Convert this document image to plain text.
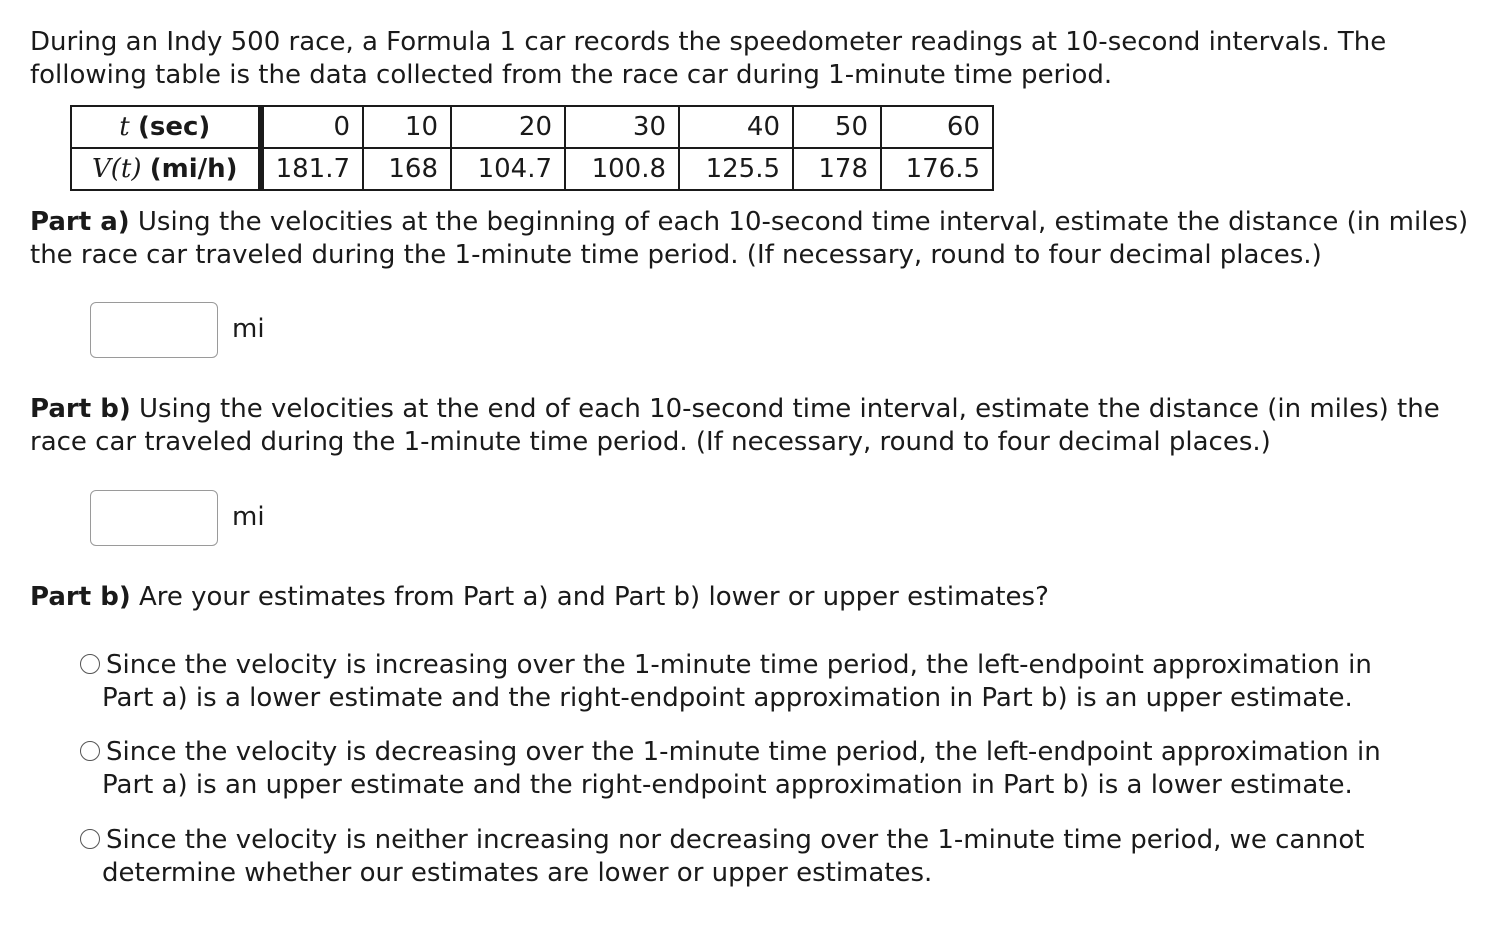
During an Indy 500 race, a Formula 1 car records the speedometer readings at 10-second intervals. The following table is the data collected from the race car during 1-minute time period.

t (sec)	0	10	20	30	40	50	60
V(t) (mi/h)	181.7	168	104.7	100.8	125.5	178	176.5

Part a) Using the velocities at the beginning of each 10-second time interval, estimate the distance (in miles) the race car traveled during the 1-minute time period. (If necessary, round to four decimal places.)

mi

Part b) Using the velocities at the end of each 10-second time interval, estimate the distance (in miles) the race car traveled during the 1-minute time period. (If necessary, round to four decimal places.)

mi

Part b) Are your estimates from Part a) and Part b) lower or upper estimates?

Since the velocity is increasing over the 1-minute time period, the left-endpoint approximation in
Part a) is a lower estimate and the right-endpoint approximation in Part b) is an upper estimate.
Since the velocity is decreasing over the 1-minute time period, the left-endpoint approximation in
Part a) is an upper estimate and the right-endpoint approximation in Part b) is a lower estimate.
Since the velocity is neither increasing nor decreasing over the 1-minute time period, we cannot
determine whether our estimates are lower or upper estimates.
